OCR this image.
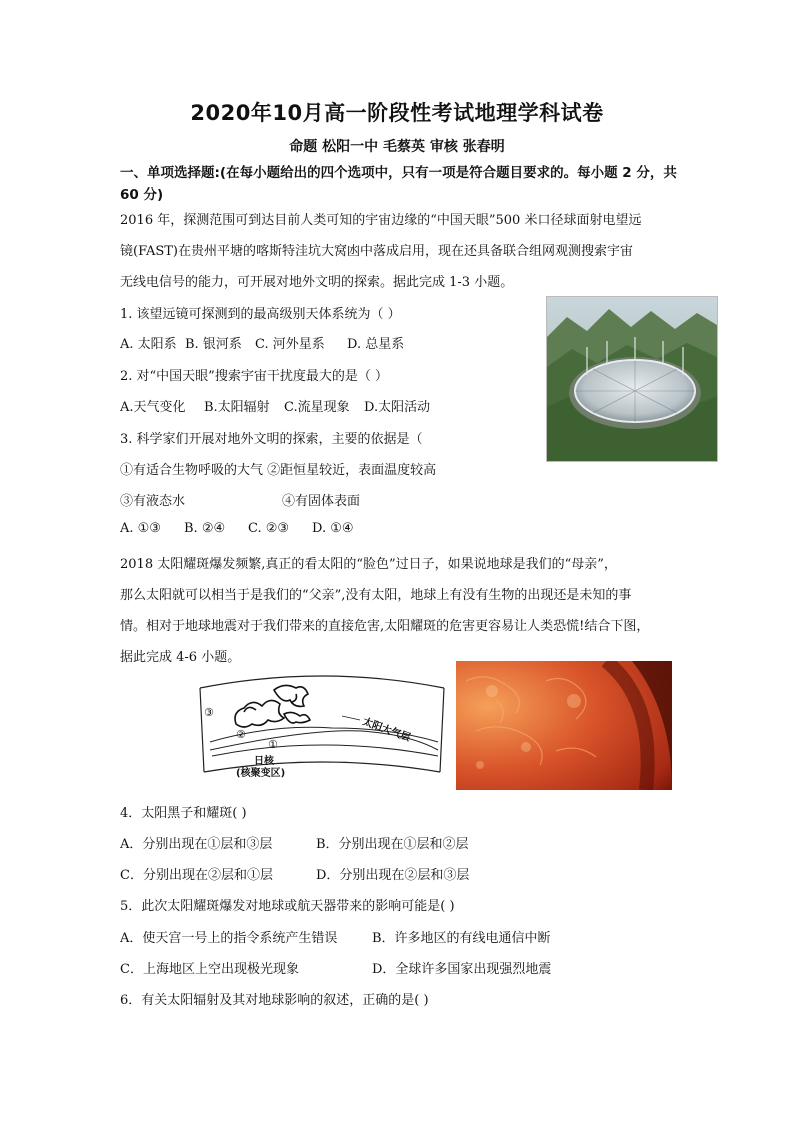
2020年10月高一阶段性考试地理学科试卷
命题 松阳一中 毛蔡英 审核 张春明
一、单项选择题:(在每小题给出的四个选项中，只有一项是符合题目要求的。每小题 2 分，共 60 分)
2016 年，探测范围可到达目前人类可知的宇宙边缘的“中国天眼”500 米口径球面射电望远
镜(FAST)在贵州平塘的喀斯特洼坑大窝凼中落成启用，现在还具备联合组网观测搜索宇宙
无线电信号的能力，可开展对地外文明的探索。据此完成 1-3 小题。
1. 该望远镜可探测到的最高级别天体系统为（ ）
A. 太阳系 B. 银河系 C. 河外星系 D. 总星系
2. 对“中国天眼”搜索宇宙干扰度最大的是（ ）
A.天气变化 B.太阳辐射 C.流星现象 D.太阳活动
3. 科学家们开展对地外文明的探索，主要的依据是（
①有适合生物呼吸的大气 ②距恒星较近，表面温度较高
③有液态水	④有固体表面
A. ①③ B. ②④ C. ②③ D. ①④
2018 太阳耀斑爆发频繁,真正的看太阳的“脸色”过日子，如果说地球是我们的“母亲”，
那么太阳就可以相当于是我们的“父亲”,没有太阳，地球上有没有生物的出现还是未知的事
情。相对于地球地震对于我们带来的直接危害,太阳耀斑的危害更容易让人类恐慌!结合下图，
据此完成 4-6 小题。
③
②
①
太阳大气层
日核
(核聚变区)
4．太阳黑子和耀斑( )
A．分别出现在①层和③层	B．分别出现在①层和②层
C．分别出现在②层和①层	D．分别出现在②层和③层
5．此次太阳耀斑爆发对地球或航天器带来的影响可能是( )
A．使天宫一号上的指令系统产生错误	B．许多地区的有线电通信中断
C．上海地区上空出现极光现象	D．全球许多国家出现强烈地震
6．有关太阳辐射及其对地球影响的叙述，正确的是( )
